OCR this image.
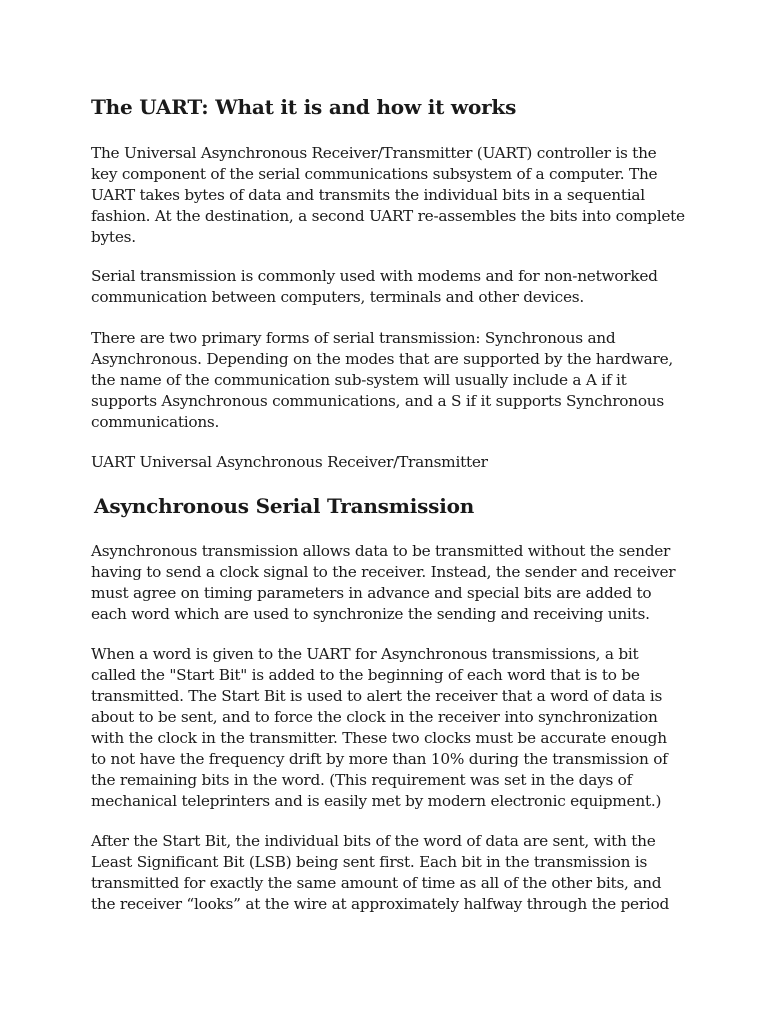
The UART: What it is and how it works

The Universal Asynchronous Receiver/Transmitter (UART) controller is the
key component of the serial communications subsystem of a computer. The
UART takes bytes of data and transmits the individual bits in a sequential
fashion. At the destination, a second UART re-assembles the bits into complete
bytes.

Serial transmission is commonly used with modems and for non-networked
communication between computers, terminals and other devices.

There are two primary forms of serial transmission: Synchronous and
Asynchronous. Depending on the modes that are supported by the hardware,
the name of the communication sub-system will usually include a A if it
supports Asynchronous communications, and a S if it supports Synchronous
communications.

UART Universal Asynchronous Receiver/Transmitter

Asynchronous Serial Transmission

Asynchronous transmission allows data to be transmitted without the sender
having to send a clock signal to the receiver. Instead, the sender and receiver
must agree on timing parameters in advance and special bits are added to
each word which are used to synchronize the sending and receiving units.

When a word is given to the UART for Asynchronous transmissions, a bit
called the "Start Bit" is added to the beginning of each word that is to be
transmitted. The Start Bit is used to alert the receiver that a word of data is
about to be sent, and to force the clock in the receiver into synchronization
with the clock in the transmitter. These two clocks must be accurate enough
to not have the frequency drift by more than 10% during the transmission of
the remaining bits in the word. (This requirement was set in the days of
mechanical teleprinters and is easily met by modern electronic equipment.)

After the Start Bit, the individual bits of the word of data are sent, with the
Least Significant Bit (LSB) being sent first. Each bit in the transmission is
transmitted for exactly the same amount of time as all of the other bits, and
the receiver “looks” at the wire at approximately halfway through the period
